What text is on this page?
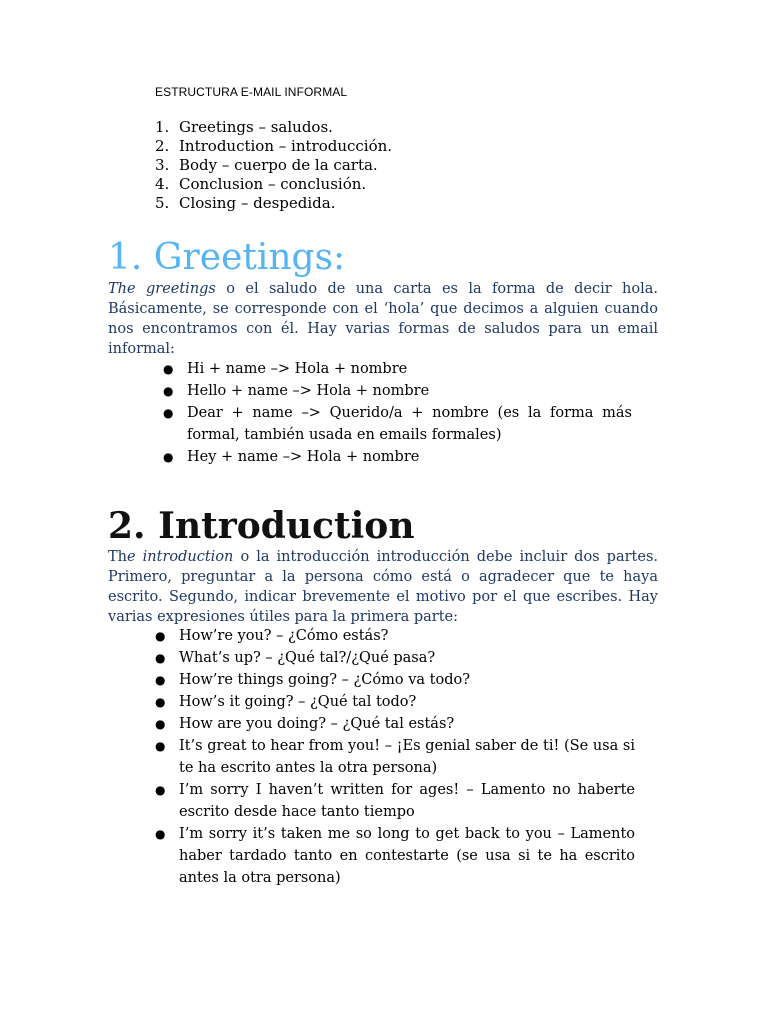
ESTRUCTURA E-MAIL INFORMAL
1. Greetings – saludos.
2. Introduction – introducción.
3. Body – cuerpo de la carta.
4. Conclusion – conclusión.
5. Closing – despedida.
1. Greetings:

The greetings o el saludo de una carta es la forma de decir hola. Básicamente, se corresponde con el ‘hola’ que decimos a alguien cuando nos encontramos con él. Hay varias formas de saludos para un email informal:

● Hi + name –> Hola + nombre
● Hello + name –> Hola + nombre
● Dear + name –> Querido/a + nombre (es la forma más formal, también usada en emails formales)
● Hey + name –> Hola + nombre
2. Introduction

The introduction o la introducción introducción debe incluir dos partes. Primero, preguntar a la persona cómo está o agradecer que te haya escrito. Segundo, indicar brevemente el motivo por el que escribes. Hay varias expresiones útiles para la primera parte:

● How’re you? – ¿Cómo estás?
● What’s up? – ¿Qué tal?/¿Qué pasa?
● How’re things going? – ¿Cómo va todo?
● How’s it going? – ¿Qué tal todo?
● How are you doing? – ¿Qué tal estás?
● It’s great to hear from you! – ¡Es genial saber de ti! (Se usa si te ha escrito antes la otra persona)
● I’m sorry I haven’t written for ages! – Lamento no haberte escrito desde hace tanto tiempo
● I’m sorry it’s taken me so long to get back to you – Lamento haber tardado tanto en contestarte (se usa si te ha escrito antes la otra persona)
